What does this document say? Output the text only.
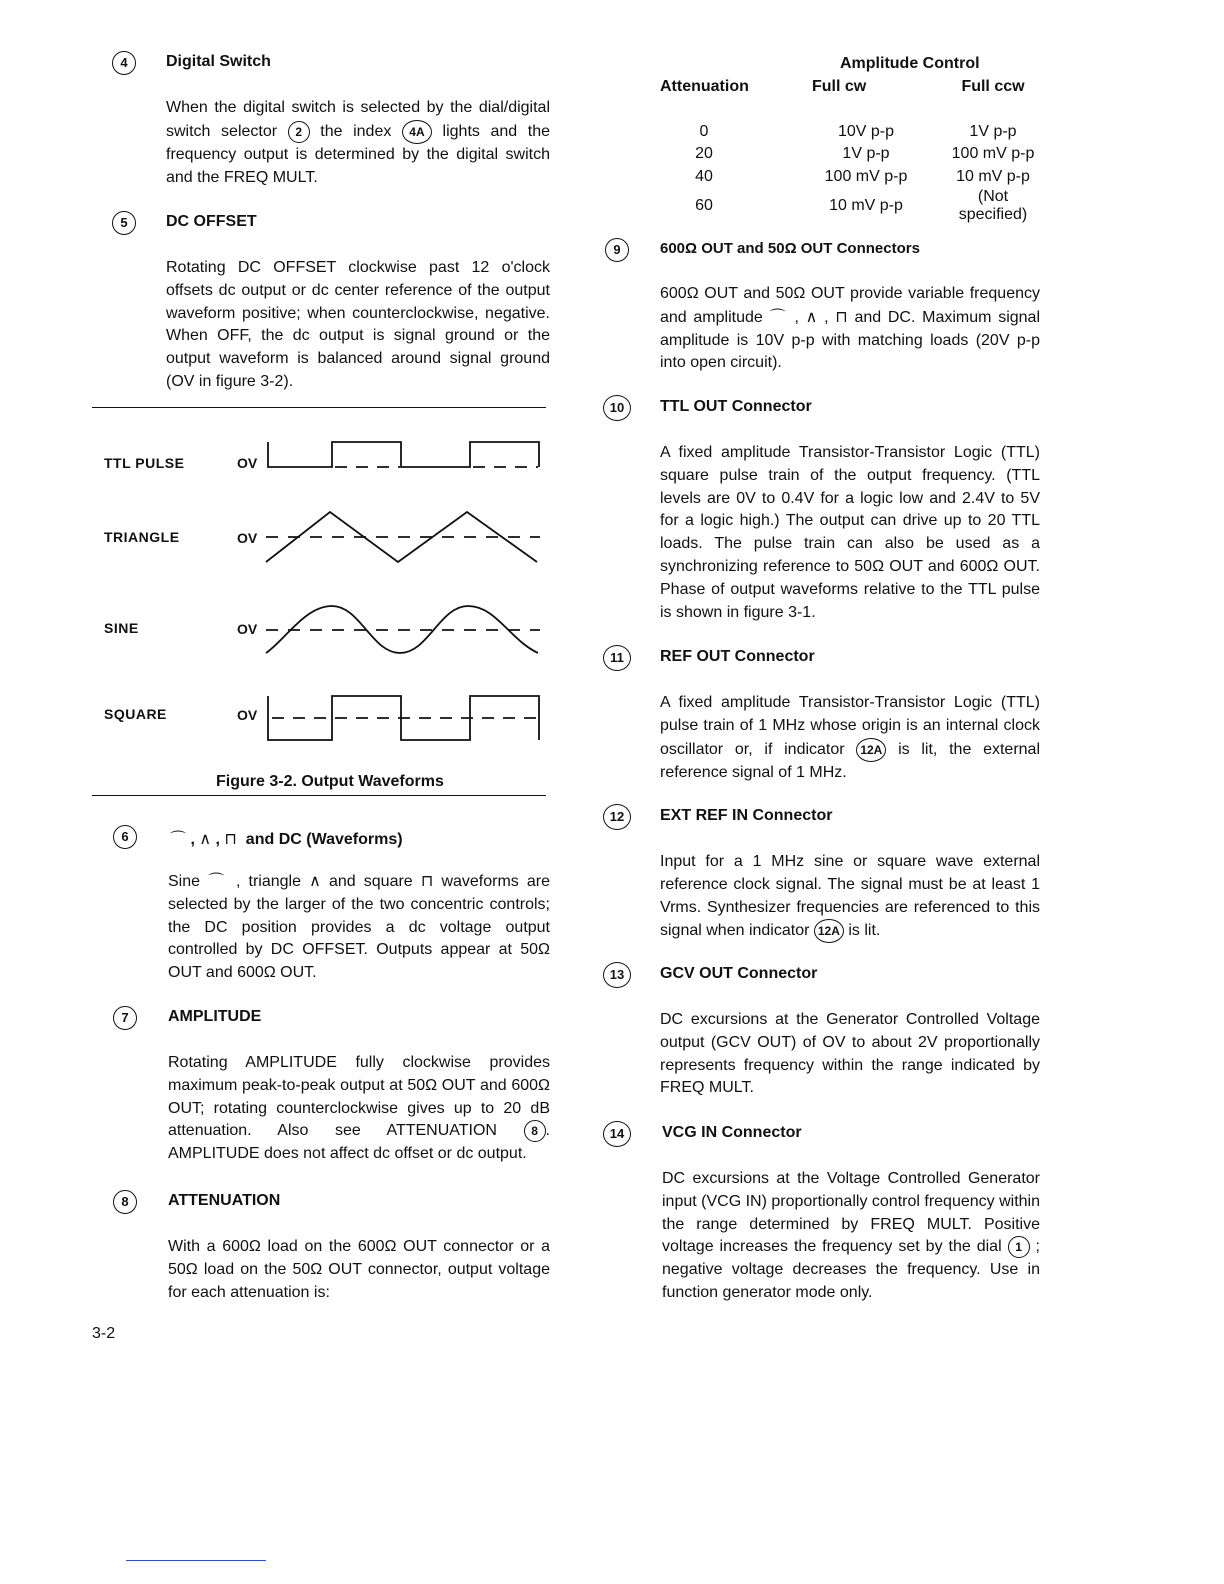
4	Digital Switch
When the digital switch is selected by the dial/digital switch selector 2 the index 4A lights and the frequency output is determined by the digital switch and the FREQ MULT.
5	DC OFFSET
Rotating DC OFFSET clockwise past 12 o'clock offsets dc output or dc center reference of the output waveform positive; when counterclockwise, negative. When OFF, the dc output is signal ground or the output waveform is balanced around signal ground (OV in figure 3-2).
TTL PULSE
TRIANGLE
SINE
SQUARE
OV
OV
OV
OV
Figure 3-2. Output Waveforms
6	⌒ , ∧ , ⊓ and DC (Waveforms)
Sine ⌒ , triangle ∧ and square ⊓ waveforms are selected by the larger of the two concentric controls; the DC position provides a dc voltage output controlled by DC OFFSET. Outputs appear at 50Ω OUT and 600Ω OUT.
7	AMPLITUDE
Rotating AMPLITUDE fully clockwise provides maximum peak-to-peak output at 50Ω OUT and 600Ω OUT; rotating counterclockwise gives up to 20 dB attenuation. Also see ATTENUATION	8 . AMPLITUDE does not affect dc offset or dc output.
8	ATTENUATION
With a 600Ω load on the 600Ω OUT connector or a 50Ω load on the 50Ω OUT connector, output voltage for each attenuation is:
3-2
Amplitude Control
Attenuation	Full cw	Full ccw

0	10V p-p	1V p-p
20	1V p-p	100 mV p-p
40	100 mV p-p	10 mV p-p
60	10 mV p-p	(Not specified)
9	600Ω OUT and 50Ω OUT Connectors
600Ω OUT and 50Ω OUT provide variable frequency and amplitude ⌒ , ∧ , ⊓ and DC. Maximum signal amplitude is 10V p-p with matching loads (20V p-p into open circuit).
10	TTL OUT Connector
A fixed amplitude Transistor-Transistor Logic (TTL) square pulse train of the output frequency. (TTL levels are 0V to 0.4V for a logic low and 2.4V to 5V for a logic high.) The output can drive up to 20 TTL loads. The pulse train can also be used as a synchronizing reference to 50Ω OUT and 600Ω OUT. Phase of output waveforms relative to the TTL pulse is shown in figure 3-1.
11	REF OUT Connector
A fixed amplitude Transistor-Transistor Logic (TTL) pulse train of 1 MHz whose origin is an internal clock oscillator or, if indicator 12A is lit, the external reference signal of 1 MHz.
12	EXT REF IN Connector
Input for a 1 MHz sine or square wave external reference clock signal. The signal must be at least 1 Vrms. Synthesizer frequencies are referenced to this signal when indicator 12A is lit.
13	GCV OUT Connector
DC excursions at the Generator Controlled Voltage output (GCV OUT) of OV to about 2V proportionally represents frequency within the range indicated by FREQ MULT.
14	VCG IN Connector
DC excursions at the Voltage Controlled Generator input (VCG IN) proportionally control frequency within the range determined by FREQ MULT. Positive voltage increases the frequency set by the dial 1 ; negative voltage decreases the frequency. Use in function generator mode only.
